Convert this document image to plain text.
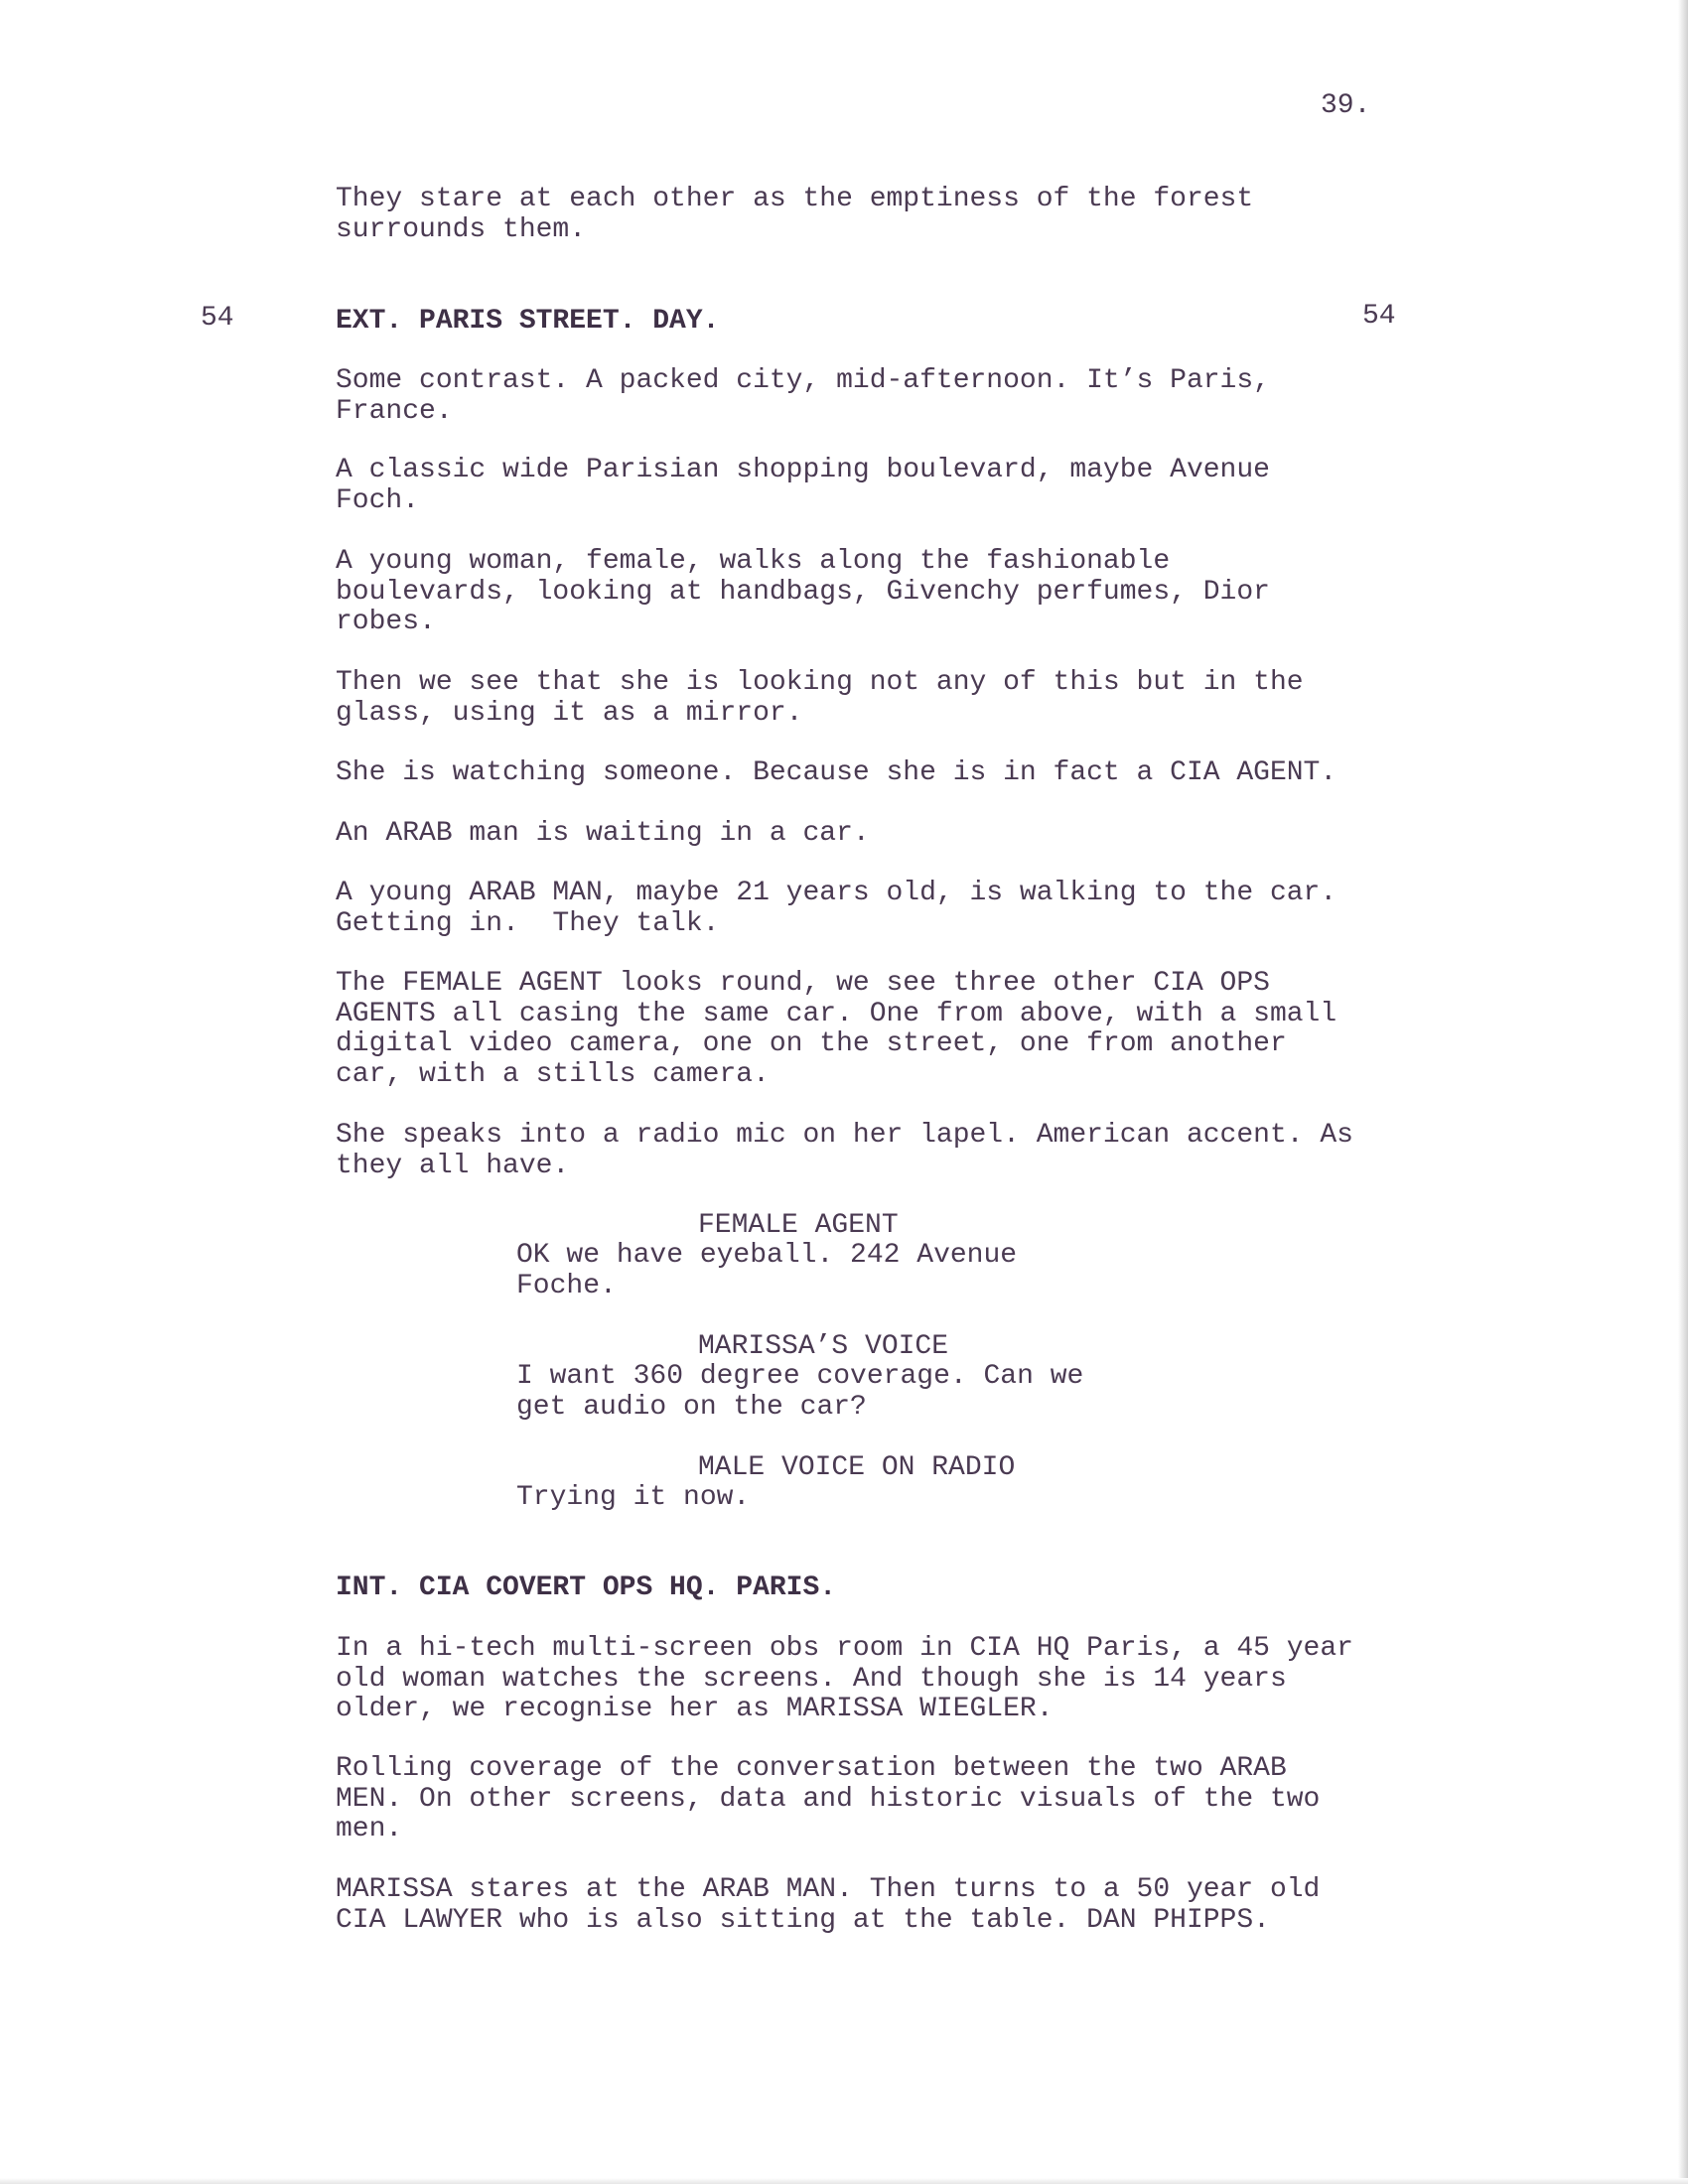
39.
They stare at each other as the emptiness of the forest
surrounds them.
54	EXT. PARIS STREET. DAY.	54
Some contrast. A packed city, mid-afternoon. It’s Paris,
France.
A classic wide Parisian shopping boulevard, maybe Avenue
Foch.
A young woman, female, walks along the fashionable
boulevards, looking at handbags, Givenchy perfumes, Dior
robes.
Then we see that she is looking not any of this but in the
glass, using it as a mirror.
She is watching someone. Because she is in fact a CIA AGENT.
An ARAB man is waiting in a car.
A young ARAB MAN, maybe 21 years old, is walking to the car.
Getting in.  They talk.
The FEMALE AGENT looks round, we see three other CIA OPS
AGENTS all casing the same car. One from above, with a small
digital video camera, one on the street, one from another
car, with a stills camera.
She speaks into a radio mic on her lapel. American accent. As
they all have.
FEMALE AGENT
OK we have eyeball. 242 Avenue
Foche.
MARISSA’S VOICE
I want 360 degree coverage. Can we
get audio on the car?
MALE VOICE ON RADIO
Trying it now.
INT. CIA COVERT OPS HQ. PARIS.
In a hi-tech multi-screen obs room in CIA HQ Paris, a 45 year
old woman watches the screens. And though she is 14 years
older, we recognise her as MARISSA WIEGLER.
Rolling coverage of the conversation between the two ARAB
MEN. On other screens, data and historic visuals of the two
men.
MARISSA stares at the ARAB MAN. Then turns to a 50 year old
CIA LAWYER who is also sitting at the table. DAN PHIPPS.
